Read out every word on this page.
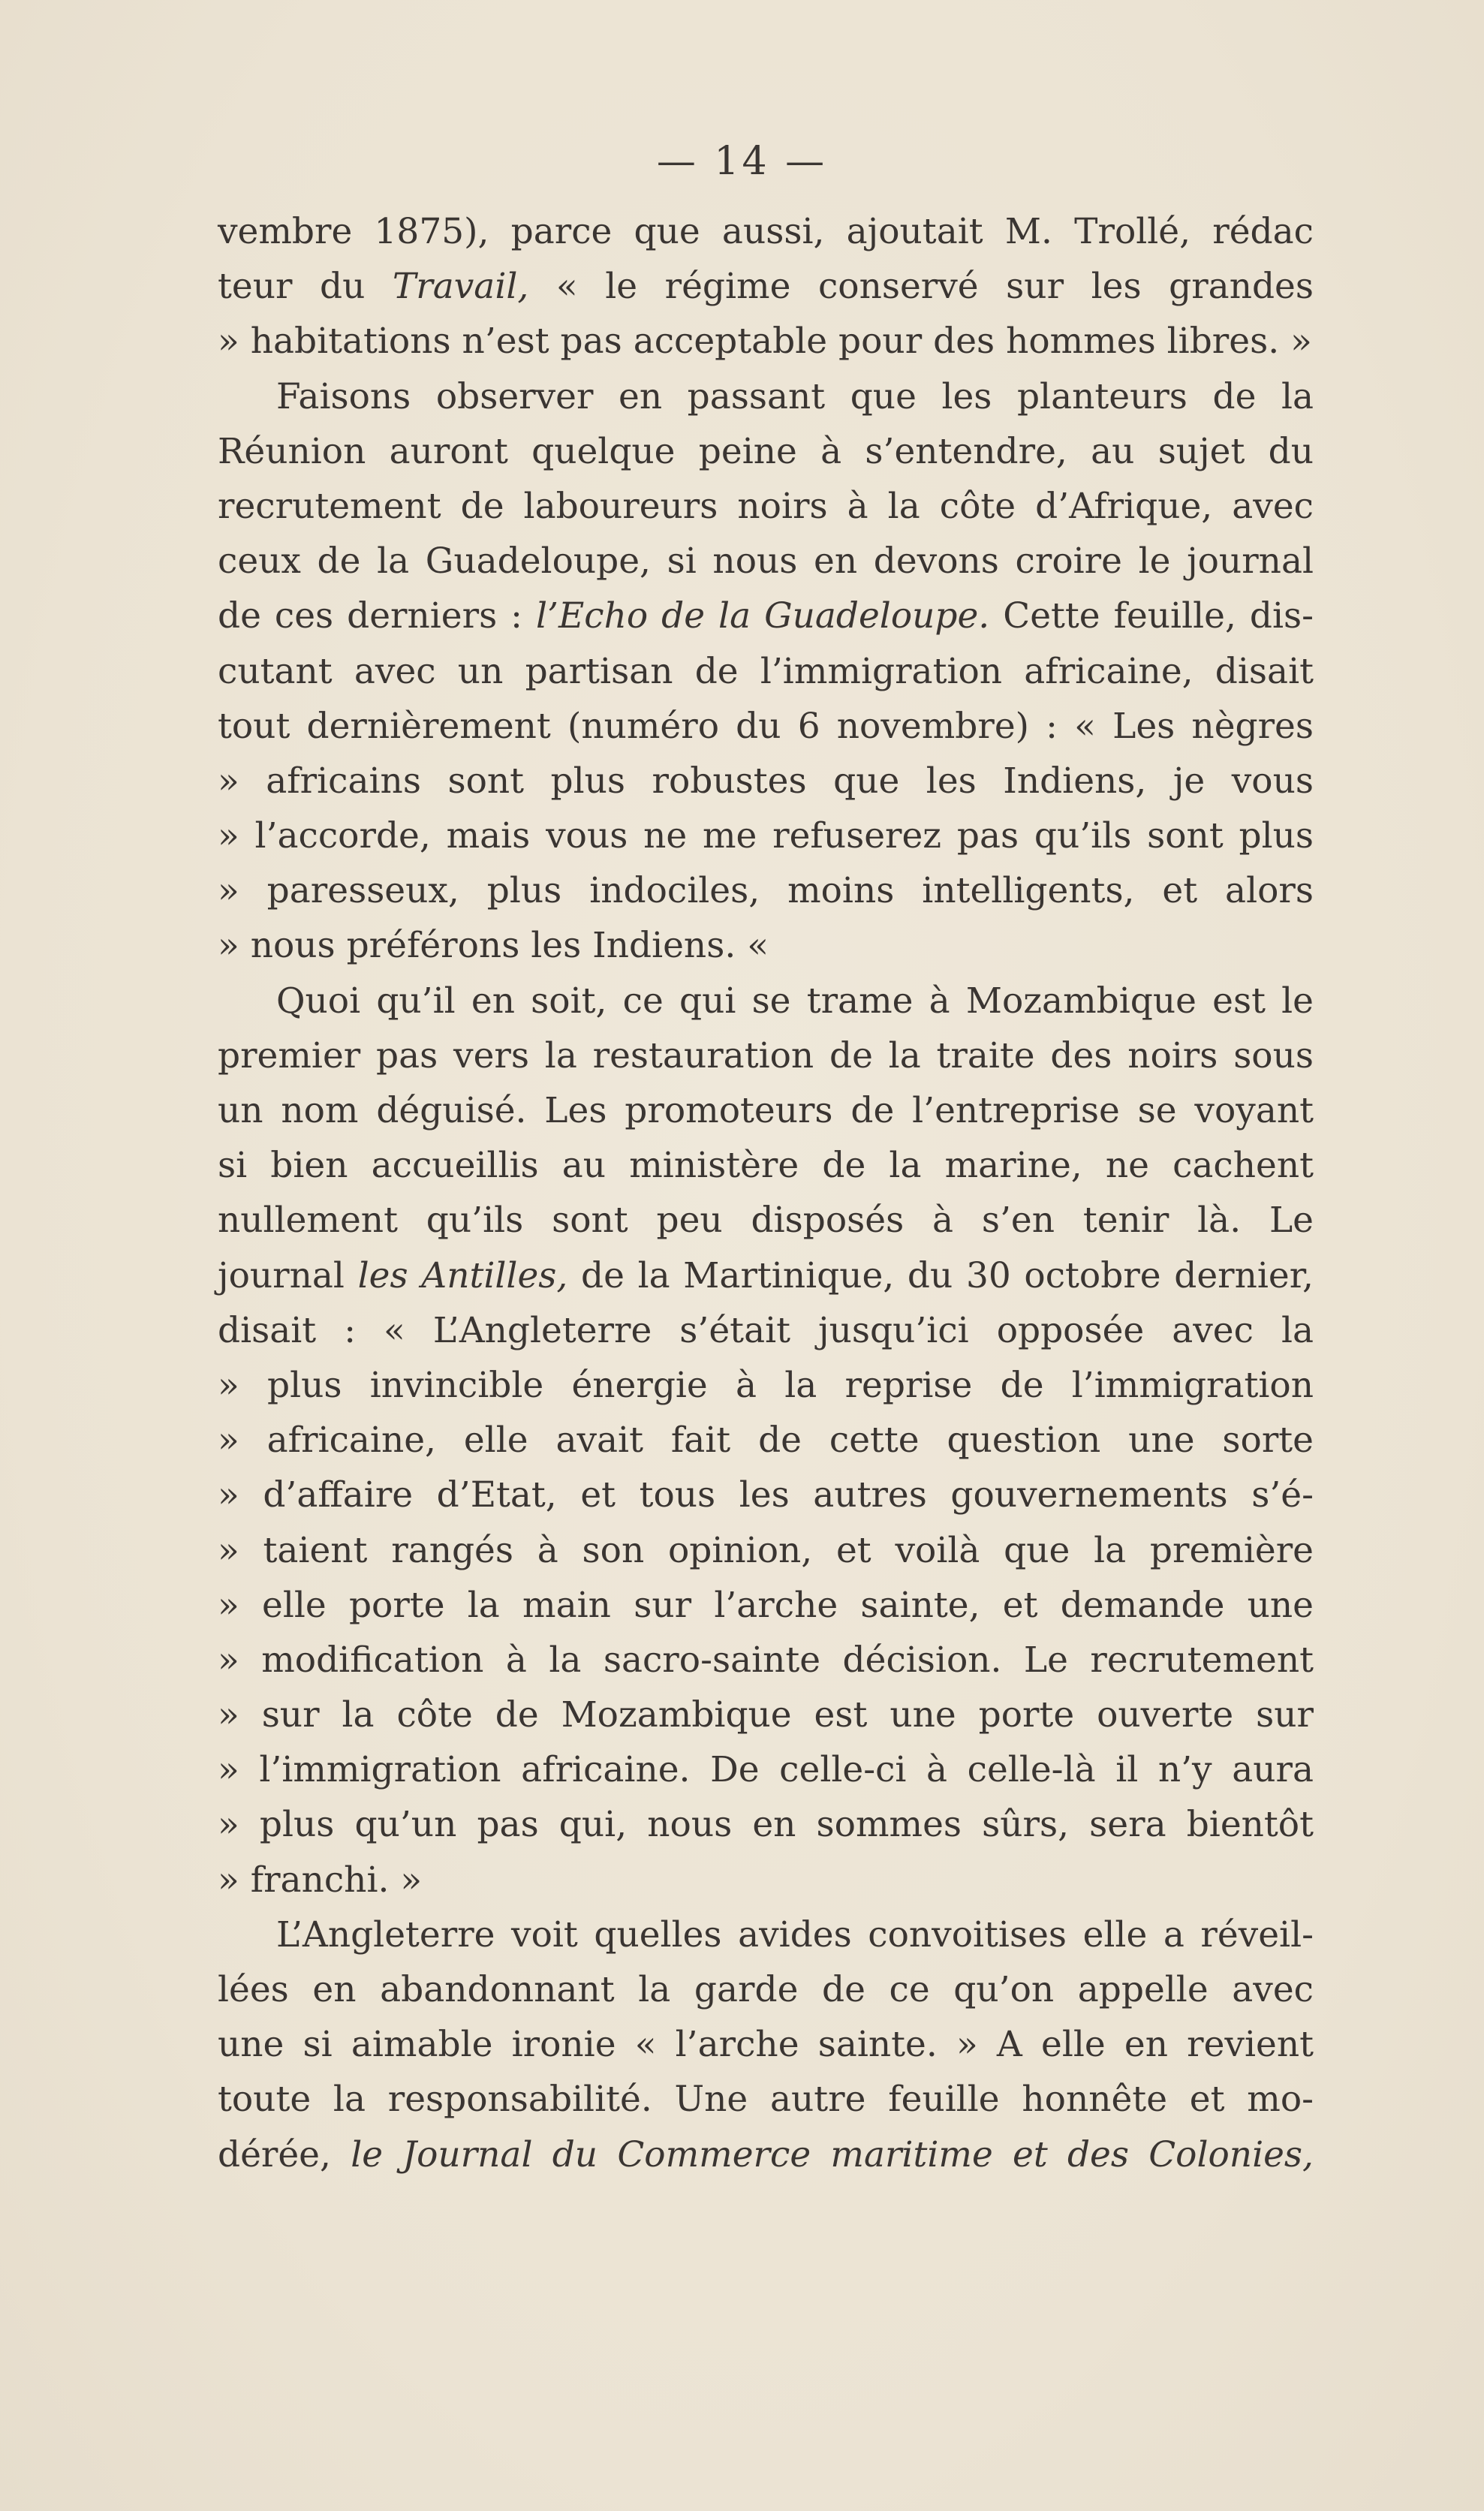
— 14 —
vembre 1875), parce que aussi, ajoutait M. Trollé, rédac
teur du Travail, « le régime conservé sur les grandes
» habitations n’est pas acceptable pour des hommes libres. »
Faisons observer en passant que les planteurs de la
Réunion auront quelque peine à s’entendre, au sujet du
recrutement de laboureurs noirs à la côte d’Afrique, avec
ceux de la Guadeloupe, si nous en devons croire le journal
de ces derniers : l’Echo de la Guadeloupe. Cette feuille, dis-
cutant avec un partisan de l’immigration africaine, disait
tout dernièrement (numéro du 6 novembre) : « Les nègres
» africains sont plus robustes que les Indiens, je vous
» l’accorde, mais vous ne me refuserez pas qu’ils sont plus
» paresseux, plus indociles, moins intelligents, et alors
» nous préférons les Indiens. «
Quoi qu’il en soit, ce qui se trame à Mozambique est le
premier pas vers la restauration de la traite des noirs sous
un nom déguisé. Les promoteurs de l’entreprise se voyant
si bien accueillis au ministère de la marine, ne cachent
nullement qu’ils sont peu disposés à s’en tenir là. Le
journal les Antilles, de la Martinique, du 30 octobre dernier,
disait : « L’Angleterre s’était jusqu’ici opposée avec la
» plus invincible énergie à la reprise de l’immigration
» africaine, elle avait fait de cette question une sorte
» d’affaire d’Etat, et tous les autres gouvernements s’é-
» taient rangés à son opinion, et voilà que la première
» elle porte la main sur l’arche sainte, et demande une
» modification à la sacro-sainte décision. Le recrutement
» sur la côte de Mozambique est une porte ouverte sur
» l’immigration africaine. De celle-ci à celle-là il n’y aura
» plus qu’un pas qui, nous en sommes sûrs, sera bientôt
» franchi. »
L’Angleterre voit quelles avides convoitises elle a réveil-
lées en abandonnant la garde de ce qu’on appelle avec
une si aimable ironie « l’arche sainte. » A elle en revient
toute la responsabilité. Une autre feuille honnête et mo-
dérée, le Journal du Commerce maritime et des Colonies,
